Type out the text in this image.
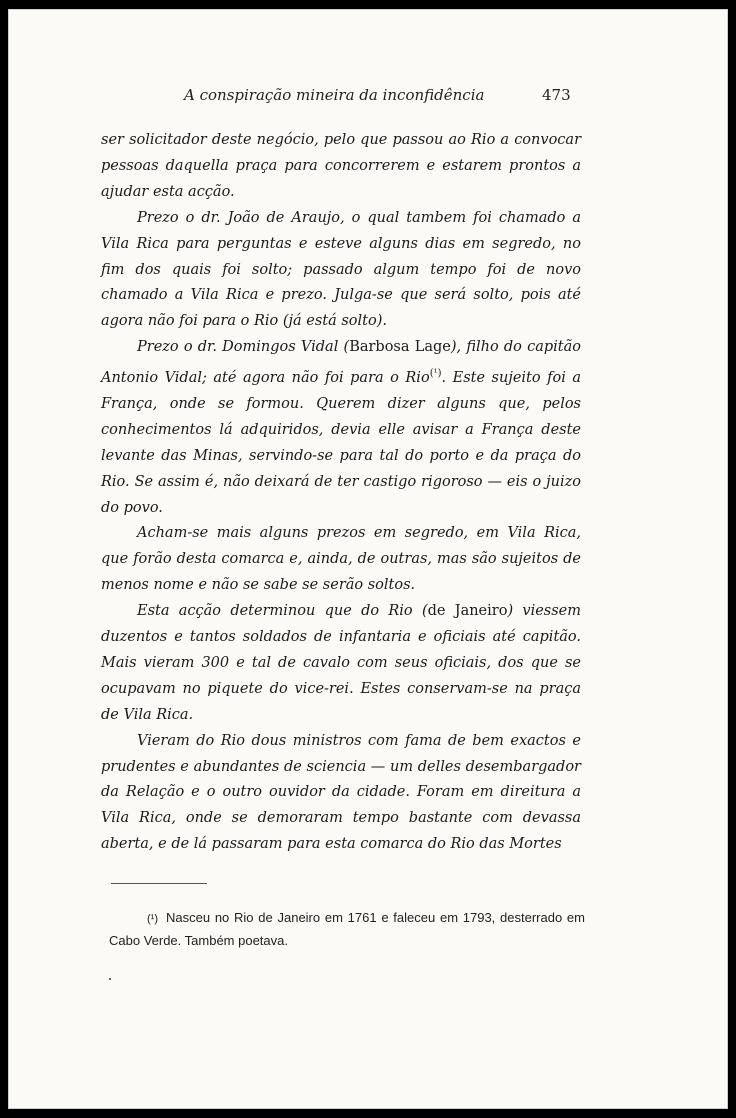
A conspiração mineira da inconfidência	473

ser solicitador deste negócio, pelo que passou ao Rio a convocar pessoas daquella praça para concorrerem e estarem prontos a ajudar esta acção.

Prezo o dr. João de Araujo, o qual tambem foi chamado a Vila Rica para perguntas e esteve alguns dias em segredo, no fim dos quais foi solto; passado algum tempo foi de novo chamado a Vila Rica e prezo. Julga-se que será solto, pois até agora não foi para o Rio (já está solto).

Prezo o dr. Domingos Vidal (Barbosa Lage), filho do capitão Antonio Vidal; até agora não foi para o Rio$^{(^1)}$. Este sujeito foi a França, onde se formou. Querem dizer alguns que, pelos conhecimentos lá adquiridos, devia elle avisar a França deste levante das Minas, servindo-se para tal do porto e da praça do Rio. Se assim é, não deixará de ter castigo rigoroso — eis o juizo do povo.

Acham-se mais alguns prezos em segredo, em Vila Rica, que forão desta comarca e, ainda, de outras, mas são sujeitos de menos nome e não se sabe se serão soltos.

Esta acção determinou que do Rio (de Janeiro) viessem duzentos e tantos soldados de infantaria e oficiais até capitão. Mais vieram 300 e tal de cavalo com seus oficiais, dos que se ocupavam no piquete do vice-rei. Estes conservam-se na praça de Vila Rica.

Vieram do Rio dous ministros com fama de bem exactos e prudentes e abundantes de sciencia — um delles desembargador da Relação e o outro ouvidor da cidade. Foram em direitura a Vila Rica, onde se demoraram tempo bastante com devassa aberta, e de lá passaram para esta comarca do Rio das Mortes

(¹) Nasceu no Rio de Janeiro em 1761 e faleceu em 1793, desterrado em Cabo Verde. Também poetava.
